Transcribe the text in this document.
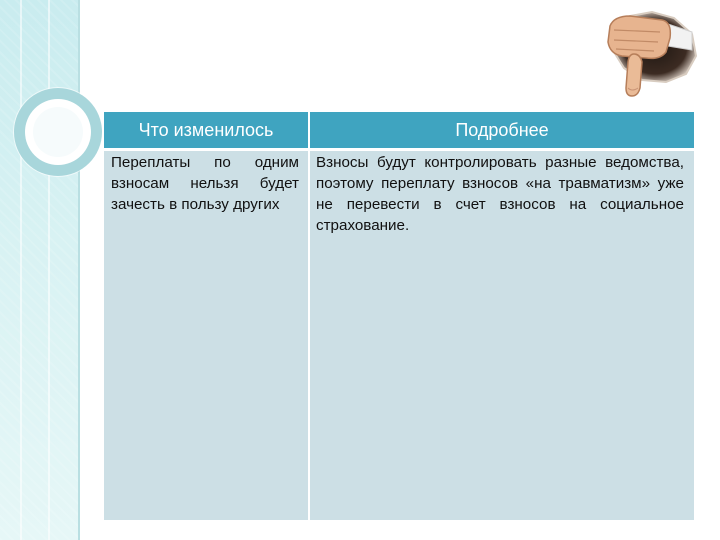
Что изменилось	Подробнее
Переплаты по одним взносам нельзя будет зачесть в пользу других
Взносы будут контролировать разные ведомства, поэтому переплату взносов «на травматизм» уже не перевести в счет взносов на социальное страхование.
